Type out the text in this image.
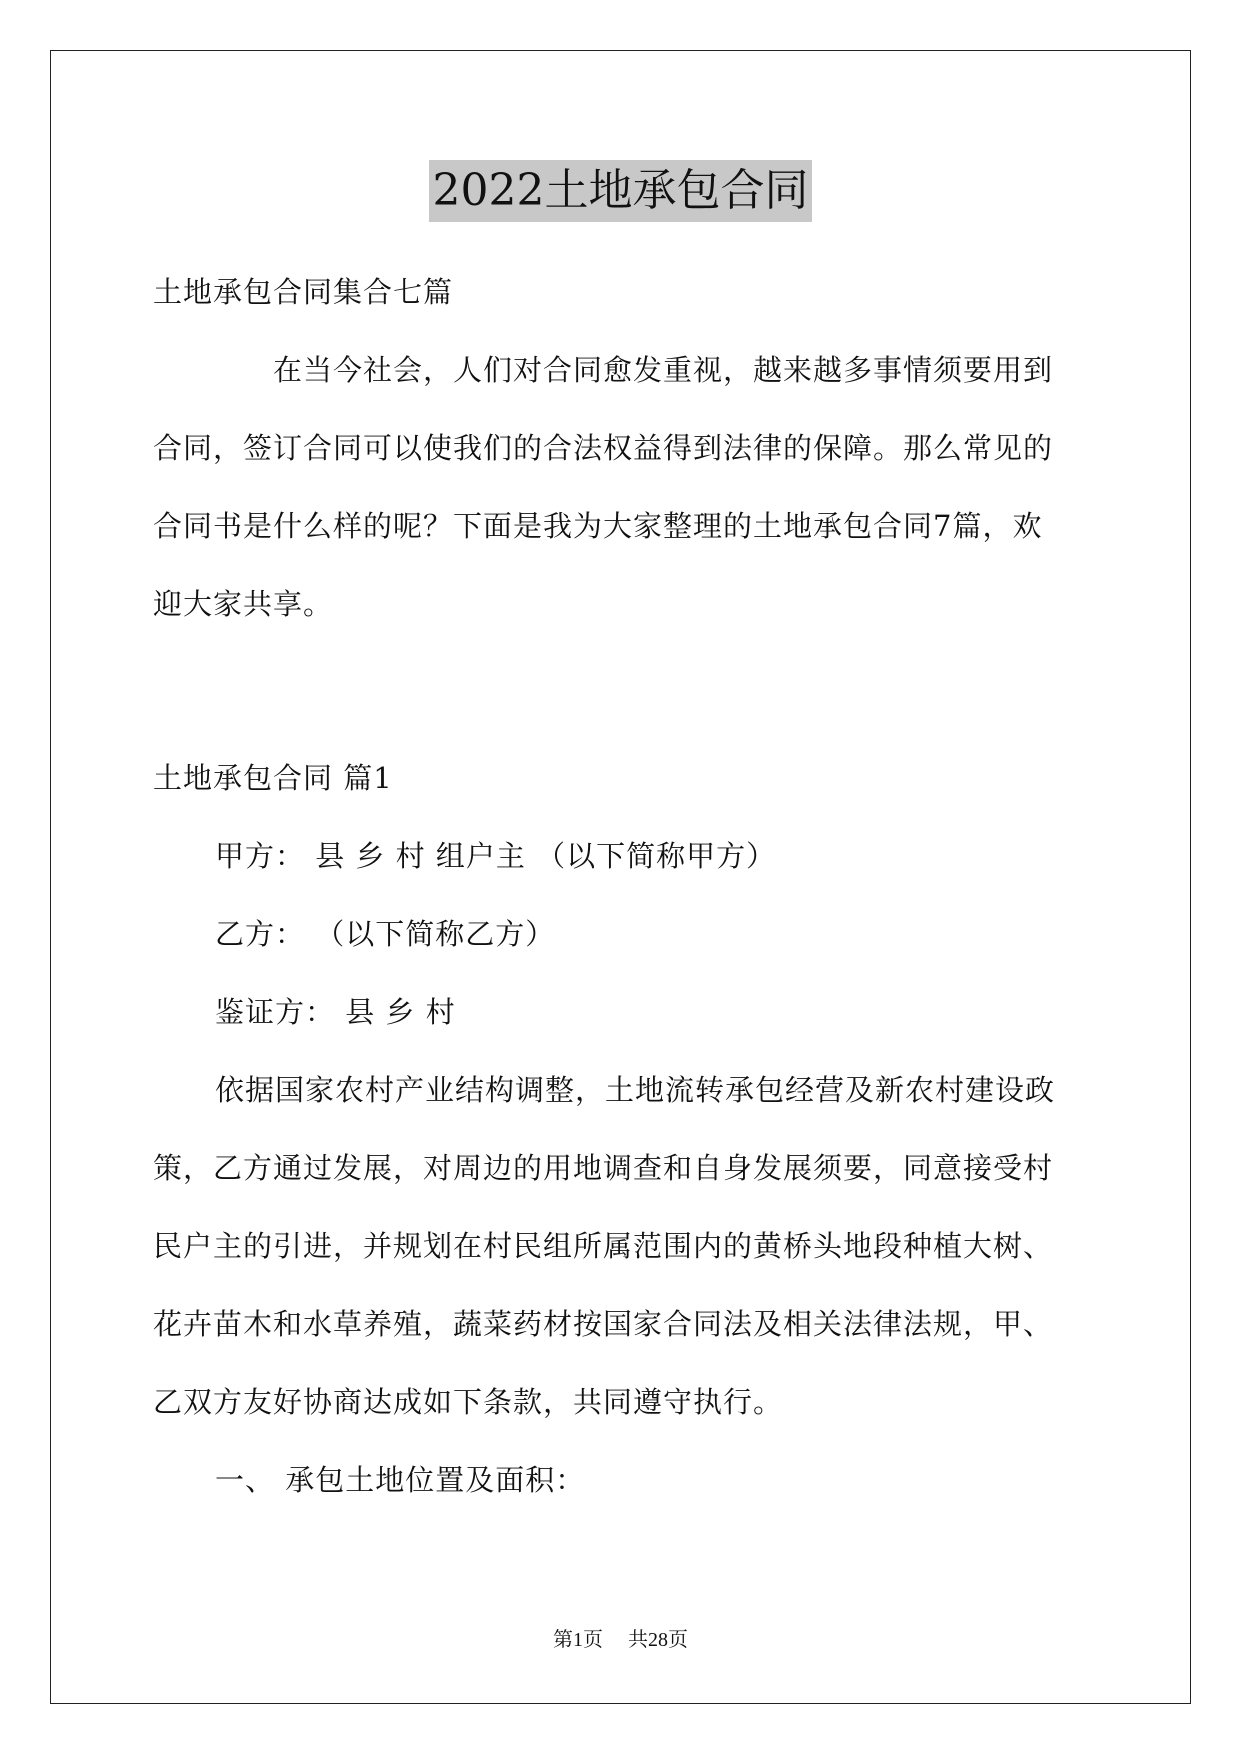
2022土地承包合同
土地承包合同集合七篇
在当今社会，人们对合同愈发重视，越来越多事情须要用到
合同，签订合同可以使我们的合法权益得到法律的保障。那么常见的
合同书是什么样的呢？下面是我为大家整理的土地承包合同7篇，欢
迎大家共享。
土地承包合同 篇1
甲方： 县 乡 村 组户主 （以下简称甲方）
乙方： （以下简称乙方）
鉴证方： 县 乡 村
依据国家农村产业结构调整，土地流转承包经营及新农村建设政
策，乙方通过发展，对周边的用地调查和自身发展须要，同意接受村
民户主的引进，并规划在村民组所属范围内的黄桥头地段种植大树、
花卉苗木和水草养殖，蔬菜药材按国家合同法及相关法律法规，甲、
乙双方友好协商达成如下条款，共同遵守执行。
一、 承包土地位置及面积：
第1页 共28页
